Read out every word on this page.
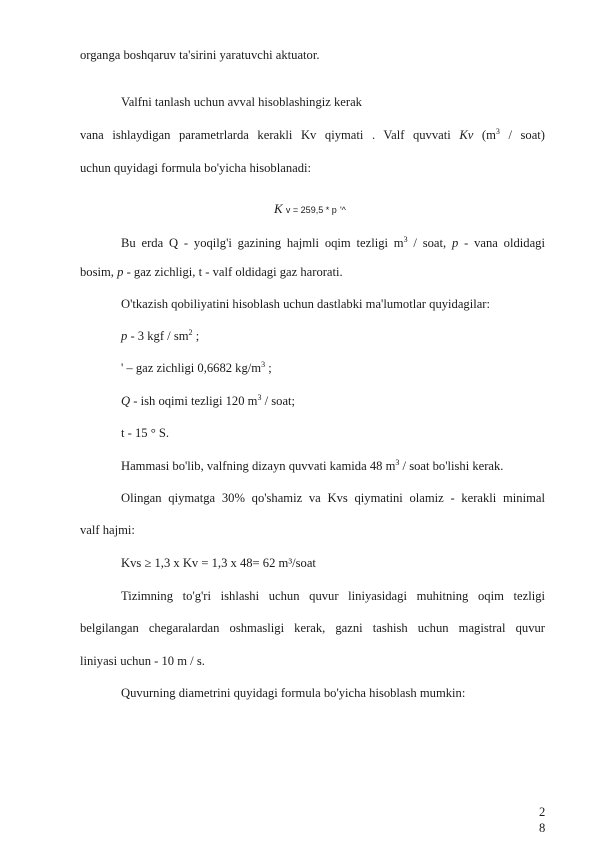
organga boshqaruv ta'sirini yaratuvchi aktuator.
Valfni tanlash uchun avval hisoblashingiz kerak
vana ishlaydigan parametrlarda kerakli Kv qiymati . Valf quvvati Kv ($m^3$ / soat)
uchun quyidagi formula bo'yicha hisoblanadi:
K v = 259,5 * p '^
Bu erda Q - yoqilg'i gazining hajmli oqim tezligi $m^3$ / soat, p - vana oldidagi
bosim, p - gaz zichligi, t - valf oldidagi gaz harorati.
O'tkazish qobiliyatini hisoblash uchun dastlabki ma'lumotlar quyidagilar:
p - 3 kgf / $sm^2$ ;
' – gaz zichligi 0,6682 $kg/m^3$ ;
Q - ish oqimi tezligi 120 $m^3$ / soat;
t - 15 ° S.
Hammasi bo'lib, valfning dizayn quvvati kamida 48 $m^3$ / soat bo'lishi kerak.
Olingan qiymatga 30% qo'shamiz va Kvs qiymatini olamiz - kerakli minimal
valf hajmi:
Kvs ≥ 1,3 x Kv = 1,3 x 48= 62 m³/soat
Tizimning to'g'ri ishlashi uchun quvur liniyasidagi muhitning oqim tezligi
belgilangan chegaralardan oshmasligi kerak, gazni tashish uchun magistral quvur
liniyasi uchun - 10 m / s.
Quvurning diametrini quyidagi formula bo'yicha hisoblash mumkin:
2
8
